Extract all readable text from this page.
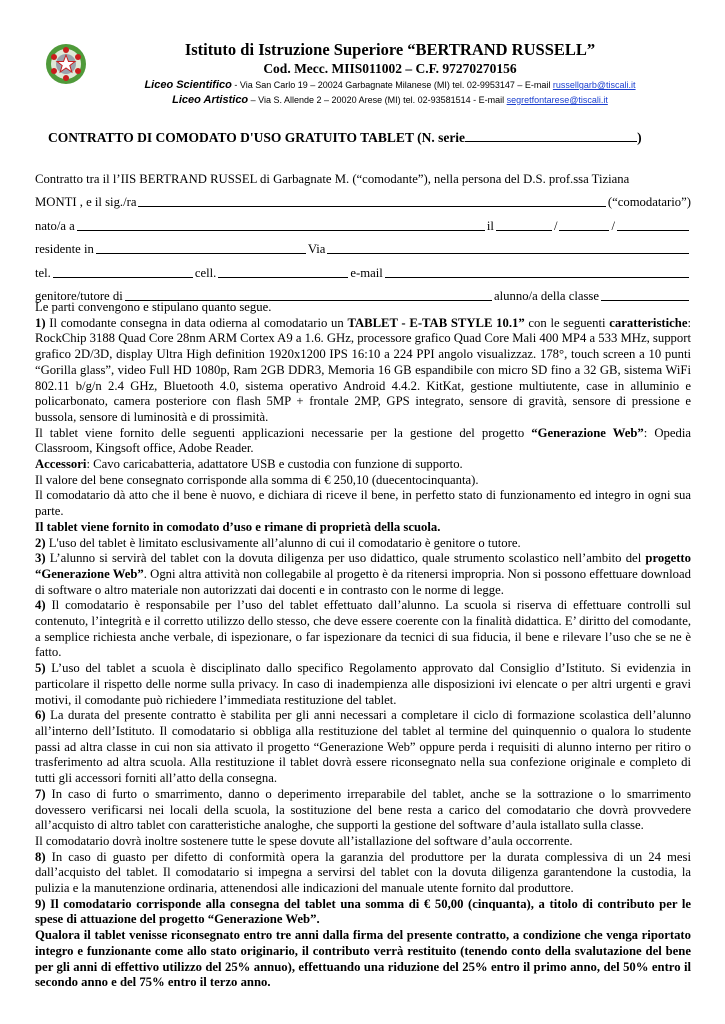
Istituto di Istruzione Superiore “BERTRAND RUSSELL”

Cod. Mecc. MIIS011002 – C.F. 97270270156

Liceo Scientifico - Via San Carlo 19 – 20024 Garbagnate Milanese (MI) tel. 02-9953147 – E-mail russellgarb@tiscali.it

Liceo Artistico – Via S. Allende 2 – 20020 Arese (MI) tel. 02-93581514 - E-mail segretfontarese@tiscali.it

CONTRATTO DI COMODATO D'USO GRATUITO TABLET (N. serie	)
Contratto tra il l’IIS BERTRAND RUSSEL di Garbagnate M. (“comodante”), nella persona del D.S. prof.ssa Tiziana
MONTI , e il sig./ra	(“comodatario”)
nato/a a	il	/	/
residente in	Via
tel.	cell.	e-mail
genitore/tutore di	alunno/a della classe

Le parti convengono e stipulano quanto segue.

1) Il comodante consegna in data odierna al comodatario un TABLET - E-TAB STYLE 10.1” con le seguenti caratteristiche: RockChip 3188 Quad Core 28nm ARM Cortex A9 a 1.6. GHz, processore grafico Quad Core Mali 400 MP4 a 533 MHz, support grafico 2D/3D, display Ultra High definition 1920x1200 IPS 16:10 a 224 PPI angolo visualizzaz. 178°, touch screen a 10 punti “Gorilla glass”, video Full HD 1080p, Ram 2GB DDR3, Memoria 16 GB espandibile con micro SD fino a 32 GB, sistema WiFi 802.11 b/g/n 2.4 GHz, Bluetooth 4.0, sistema operativo Android 4.4.2. KitKat, gestione multiutente, case in alluminio e policarbonato, camera posteriore con flash 5MP + frontale 2MP, GPS integrato, sensore di gravità, sensore di pressione e bussola, sensore di luminosità e di prossimità.

Il tablet viene fornito delle seguenti applicazioni necessarie per la gestione del progetto “Generazione Web”: Opedia Classroom, Kingsoft office, Adobe Reader.

Accessori: Cavo caricabatteria, adattatore USB e custodia con funzione di supporto.

Il valore del bene consegnato corrisponde alla somma di € 250,10 (duecentocinquanta).

Il comodatario dà atto che il bene è nuovo, e dichiara di riceve il bene, in perfetto stato di funzionamento ed integro in ogni sua parte.

Il tablet viene fornito in comodato d’uso e rimane di proprietà della scuola.

2) L'uso del tablet è limitato esclusivamente all’alunno di cui il comodatario è genitore o tutore.

3) L’alunno si servirà del tablet con la dovuta diligenza per uso didattico, quale strumento scolastico nell’ambito del progetto “Generazione Web”. Ogni altra attività non collegabile al progetto è da ritenersi impropria. Non si possono effettuare download di software o altro materiale non autorizzati dai docenti e in contrasto con le norme di legge.

4) Il comodatario è responsabile per l’uso del tablet effettuato dall’alunno. La scuola si riserva di effettuare controlli sul contenuto, l’integrità e il corretto utilizzo dello stesso, che deve essere coerente con la finalità didattica. E’ diritto del comodante, a semplice richiesta anche verbale, di ispezionare, o far ispezionare da tecnici di sua fiducia, il bene e rilevare l’uso che se ne è fatto.

5) L’uso del tablet a scuola è disciplinato dallo specifico Regolamento approvato dal Consiglio d’Istituto. Si evidenzia in particolare il rispetto delle norme sulla privacy. In caso di inadempienza alle disposizioni ivi elencate o per altri urgenti e gravi motivi, il comodante può richiedere l’immediata restituzione del tablet.

6) La durata del presente contratto è stabilita per gli anni necessari a completare il ciclo di formazione scolastica dell’alunno all’interno dell’Istituto. Il comodatario si obbliga alla restituzione del tablet al termine del quinquennio o qualora lo studente passi ad altra classe in cui non sia attivato il progetto “Generazione Web” oppure perda i requisiti di alunno interno per ritiro o trasferimento ad altra scuola. Alla restituzione il tablet dovrà essere riconsegnato nella sua confezione originale e completo di tutti gli accessori forniti all’atto della consegna.

7) In caso di furto o smarrimento, danno o deperimento irreparabile del tablet, anche se la sottrazione o lo smarrimento dovessero verificarsi nei locali della scuola, la sostituzione del bene resta a carico del comodatario che dovrà provvedere all’acquisto di altro tablet con caratteristiche analoghe, che supporti la gestione del software d’aula istallato sulla classe.

Il comodatario dovrà inoltre sostenere tutte le spese dovute all’istallazione del software d’aula occorrente.

8) In caso di guasto per difetto di conformità opera la garanzia del produttore per la durata complessiva di un 24 mesi dall’acquisto del tablet. Il comodatario si impegna a servirsi del tablet con la dovuta diligenza garantendone la custodia, la pulizia e la manutenzione ordinaria, attenendosi alle indicazioni del manuale utente fornito dal produttore.

9) Il comodatario corrisponde alla consegna del tablet una somma di € 50,00 (cinquanta), a titolo di contributo per le spese di attuazione del progetto “Generazione Web”.

Qualora il tablet venisse riconsegnato entro tre anni dalla firma del presente contratto, a condizione che venga riportato integro e funzionante come allo stato originario, il contributo verrà restituito (tenendo conto della svalutazione del bene per gli anni di effettivo utilizzo del 25% annuo), effettuando una riduzione del 25% entro il primo anno, del 50% entro il secondo anno e del 75% entro il terzo anno.
